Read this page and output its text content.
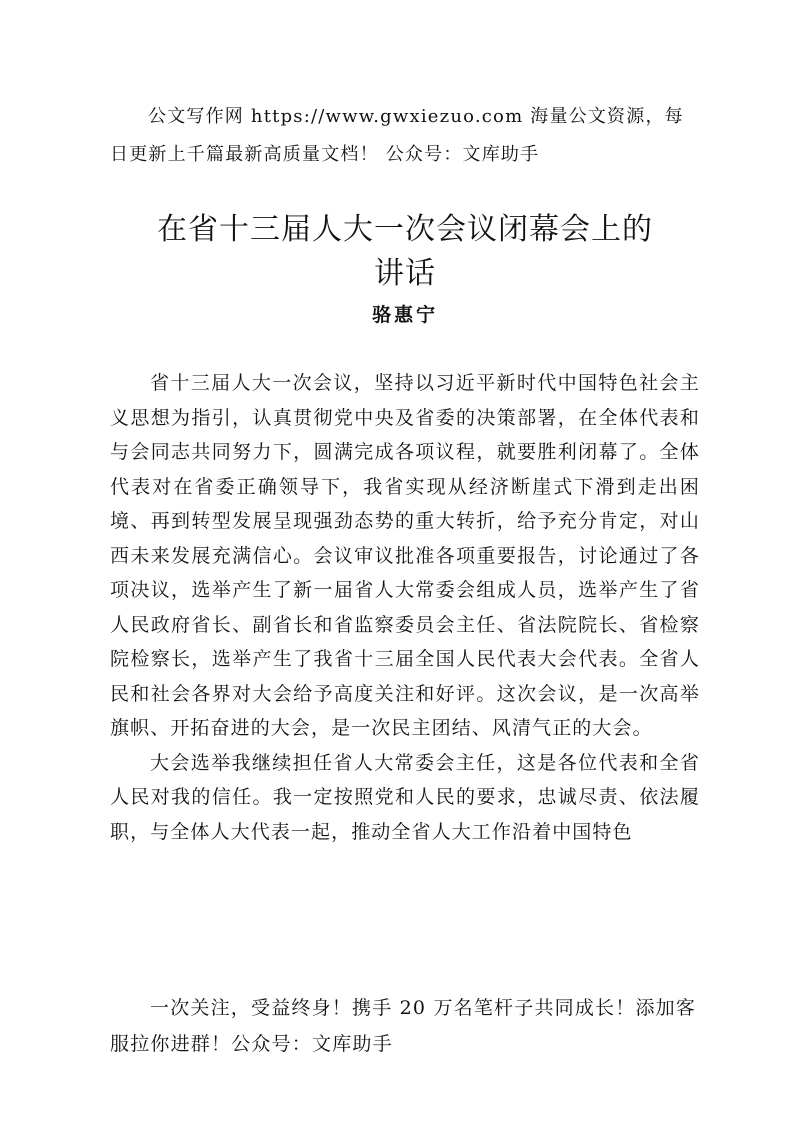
公文写作网 https://www.gwxiezuo.com 海量公文资源，每日更新上千篇最新高质量文档！ 公众号：文库助手
在省十三届人大一次会议闭幕会上的
讲话
骆惠宁

省十三届人大一次会议，坚持以习近平新时代中国特色社会主义思想为指引，认真贯彻党中央及省委的决策部署，在全体代表和与会同志共同努力下，圆满完成各项议程，就要胜利闭幕了。全体代表对在省委正确领导下，我省实现从经济断崖式下滑到走出困境、再到转型发展呈现强劲态势的重大转折，给予充分肯定，对山西未来发展充满信心。会议审议批准各项重要报告，讨论通过了各项决议，选举产生了新一届省人大常委会组成人员，选举产生了省人民政府省长、副省长和省监察委员会主任、省法院院长、省检察院检察长，选举产生了我省十三届全国人民代表大会代表。全省人民和社会各界对大会给予高度关注和好评。这次会议，是一次高举旗帜、开拓奋进的大会，是一次民主团结、风清气正的大会。

大会选举我继续担任省人大常委会主任，这是各位代表和全省人民对我的信任。我一定按照党和人民的要求，忠诚尽责、依法履职，与全体人大代表一起，推动全省人大工作沿着中国特色

一次关注，受益终身！携手 20 万名笔杆子共同成长！添加客服拉你进群！公众号：文库助手
